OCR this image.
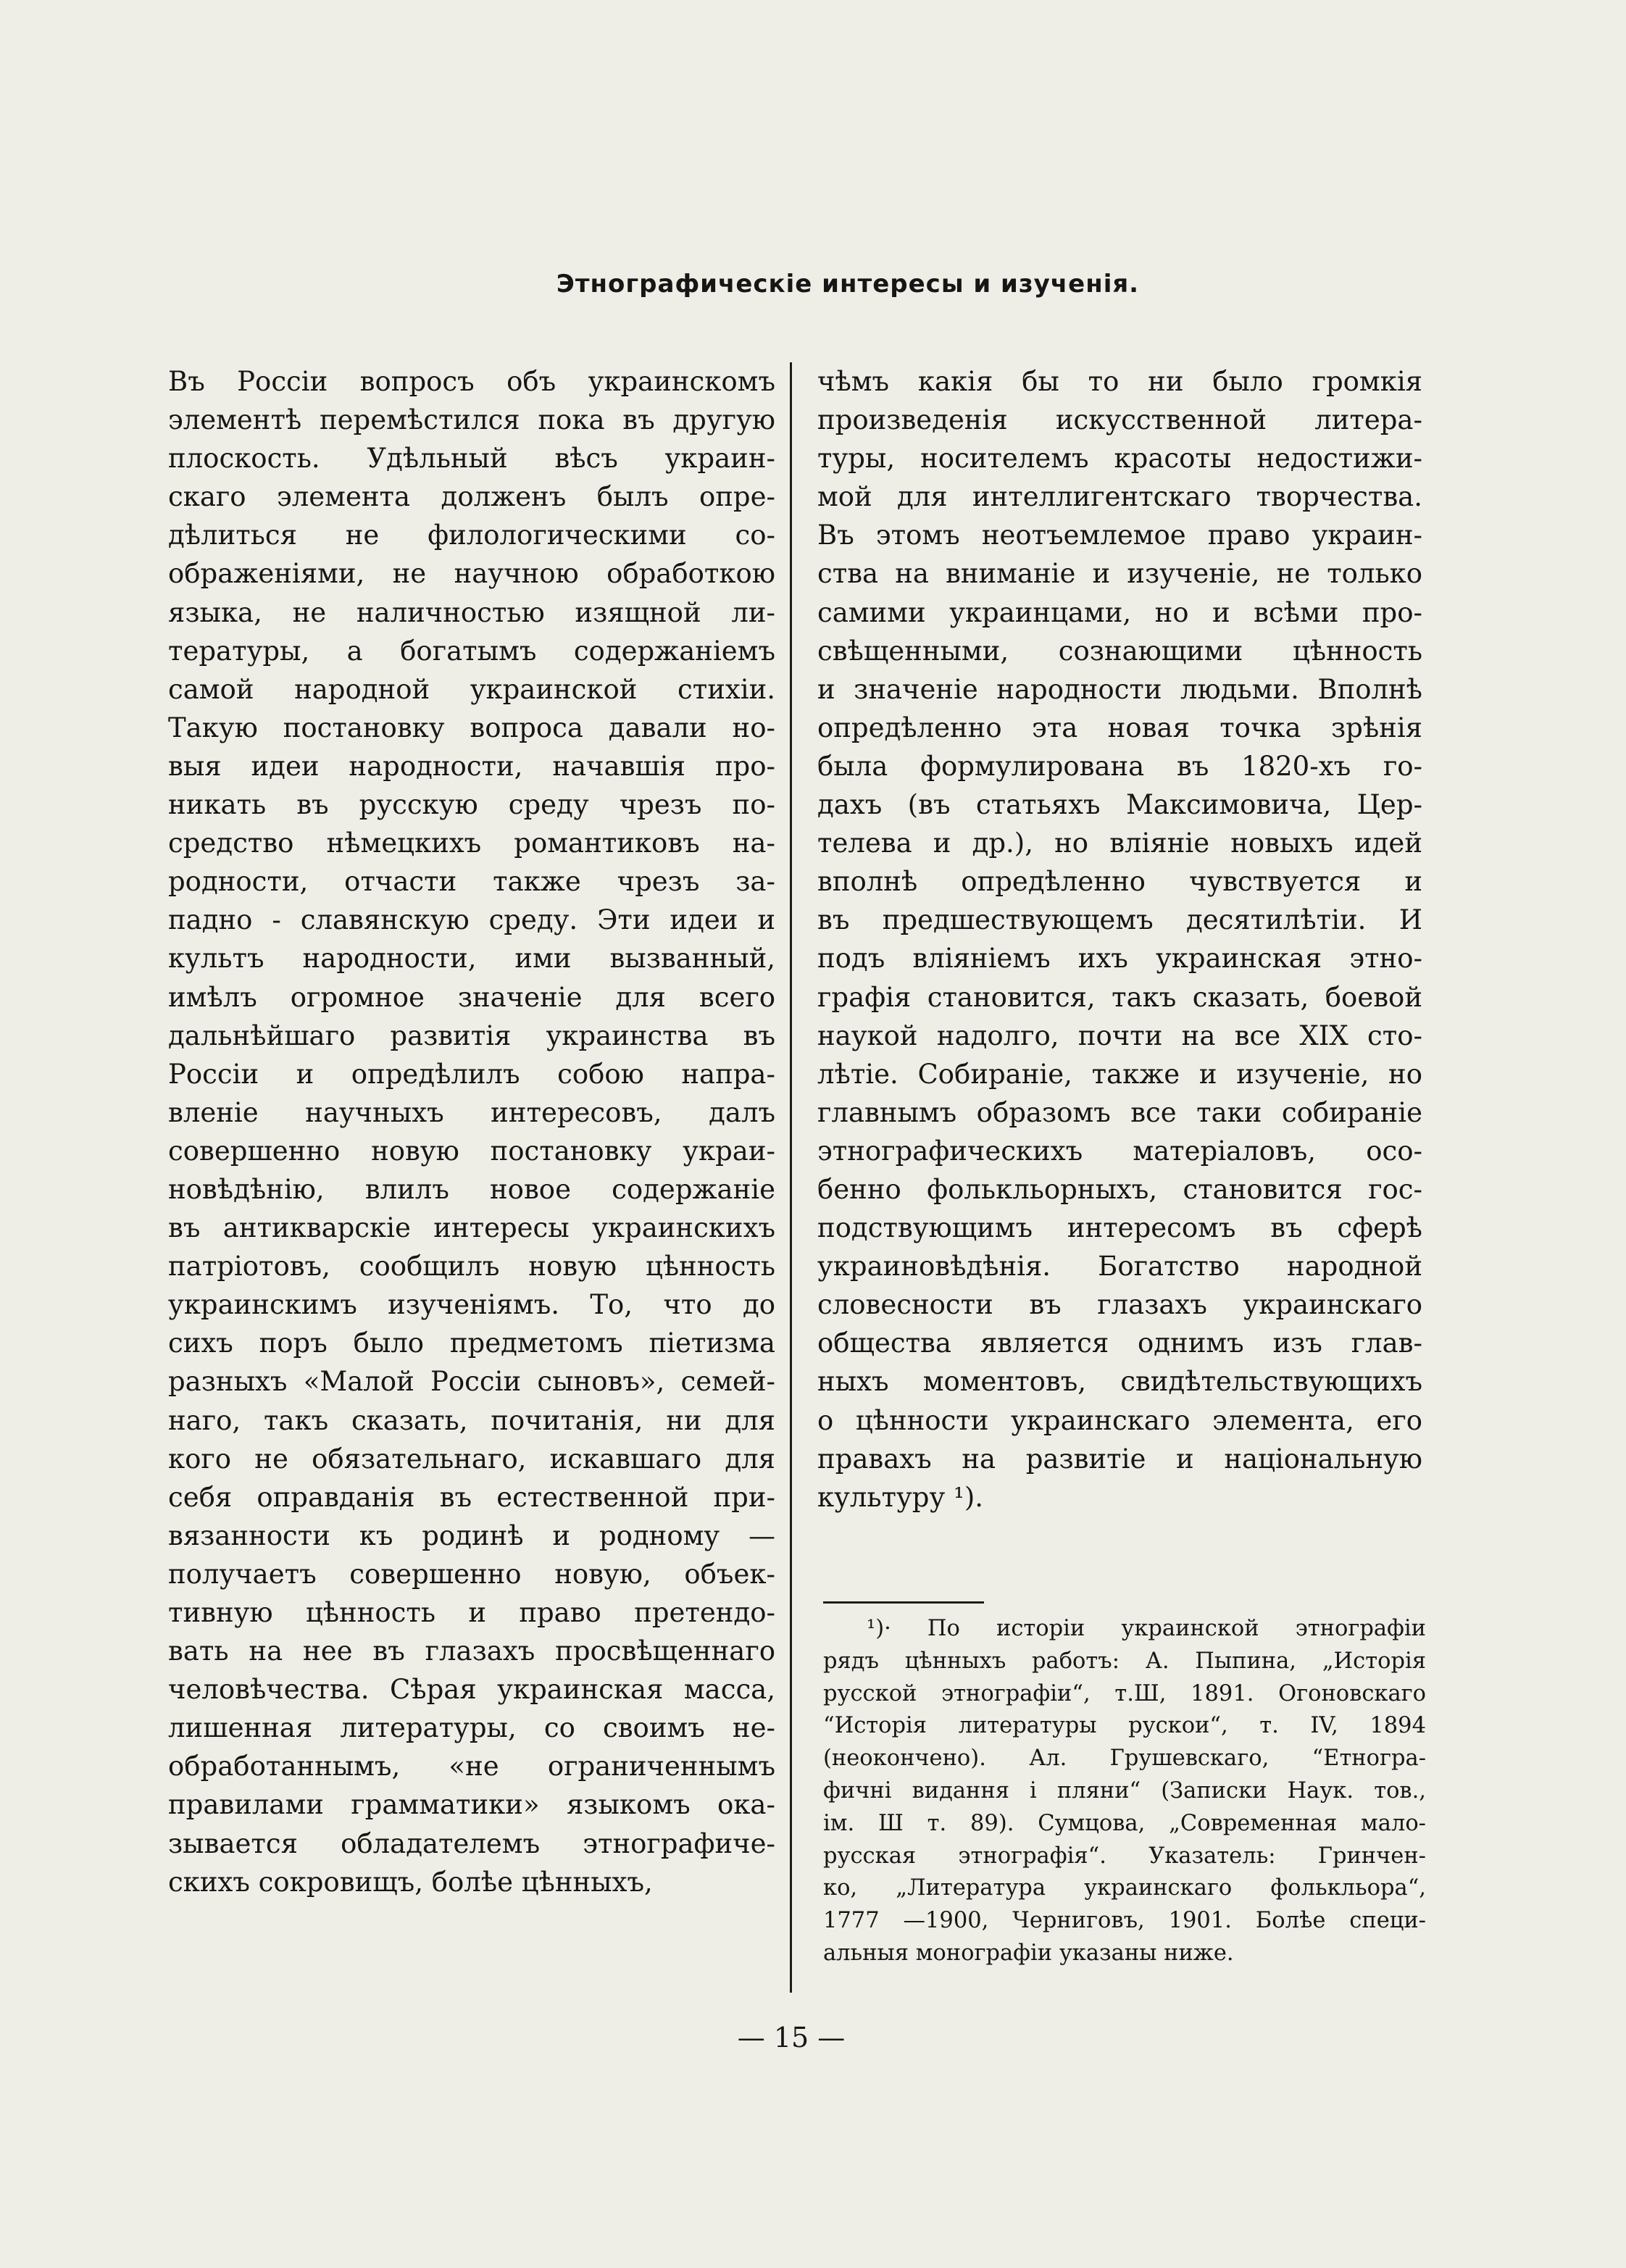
Этнографическіе интересы и изученія.
Въ Россіи вопросъ объ украинскомъ
элементѣ перемѣстился пока въ другую
плоскость. Удѣльный вѣсъ украин-
скаго элемента долженъ былъ опре-
дѣлиться не филологическими со-
ображеніями, не научною обработкою
языка, не наличностью изящной ли-
тературы, а богатымъ содержаніемъ
самой народной украинской стихіи.
Такую постановку вопроса давали но-
выя идеи народности, начавшія про-
никать въ русскую среду чрезъ по-
средство нѣмецкихъ романтиковъ на-
родности, отчасти также чрезъ за-
падно - славянскую среду. Эти идеи и
культъ народности, ими вызванный,
имѣлъ огромное значеніе для всего
дальнѣйшаго развитія украинства въ
Россіи и опредѣлилъ собою напра-
вленіе научныхъ интересовъ, далъ
совершенно новую постановку украи-
новѣдѣнію, влилъ новое содержаніе
въ антикварскіе интересы украинскихъ
патріотовъ, сообщилъ новую цѣнность
украинскимъ изученіямъ. То, что до
сихъ поръ было предметомъ піетизма
разныхъ «Малой Россіи сыновъ», семей-
наго, такъ сказать, почитанія, ни для
кого не обязательнаго, искавшаго для
себя оправданія въ естественной при-
вязанности къ родинѣ и родному —
получаетъ совершенно новую, объек-
тивную цѣнность и право претендо-
вать на нее въ глазахъ просвѣщеннаго
человѣчества. Сѣрая украинская масса,
лишенная литературы, со своимъ не-
обработаннымъ, «не ограниченнымъ
правилами грамматики» языкомъ ока-
зывается обладателемъ этнографиче-
скихъ сокровищъ, болѣе цѣнныхъ,
чѣмъ какія бы то ни было громкія
произведенія искусственной литера-
туры, носителемъ красоты недостижи-
мой для интеллигентскаго творчества.
Въ этомъ неотъемлемое право украин-
ства на вниманіе и изученіе, не только
самими украинцами, но и всѣми про-
свѣщенными, сознающими цѣнность
и значеніе народности людьми. Вполнѣ
опредѣленно эта новая точка зрѣнія
была формулирована въ 1820-хъ го-
дахъ (въ статьяхъ Максимовича, Цер-
телева и др.), но вліяніе новыхъ идей
вполнѣ опредѣленно чувствуется и
въ предшествующемъ десятилѣтіи. И
подъ вліяніемъ ихъ украинская этно-
графія становится, такъ сказать, боевой
наукой надолго, почти на все XIX сто-
лѣтіе. Собираніе, также и изученіе, но
главнымъ образомъ все таки собираніе
этнографическихъ матеріаловъ, осо-
бенно фолькльорныхъ, становится гос-
подствующимъ интересомъ въ сферѣ
украиновѣдѣнія. Богатство народной
словесности въ глазахъ украинскаго
общества является однимъ изъ глав-
ныхъ моментовъ, свидѣтельствующихъ
о цѣнности украинскаго элемента, его
правахъ на развитіе и національную
культуру ¹).
¹)· По исторіи украинской этнографіи
рядъ цѣнныхъ работъ: А. Пыпина, „Исторія
русской этнографіи“, т.Ш, 1891. Огоновскаго
“Исторія литературы рускои“, т. IV, 1894
(неокончено). Ал. Грушевскаго, “Етногра-
фичні видання і пляни“ (Записки Наук. тов.,
ім. Ш т. 89). Сумцова, „Современная мало-
русская этнографія“. Указатель: Гринчен-
ко, „Литература украинскаго фолькльора“,
1777 —1900, Черниговъ, 1901. Болѣе специ-
альныя монографіи указаны ниже.
— 15 —
